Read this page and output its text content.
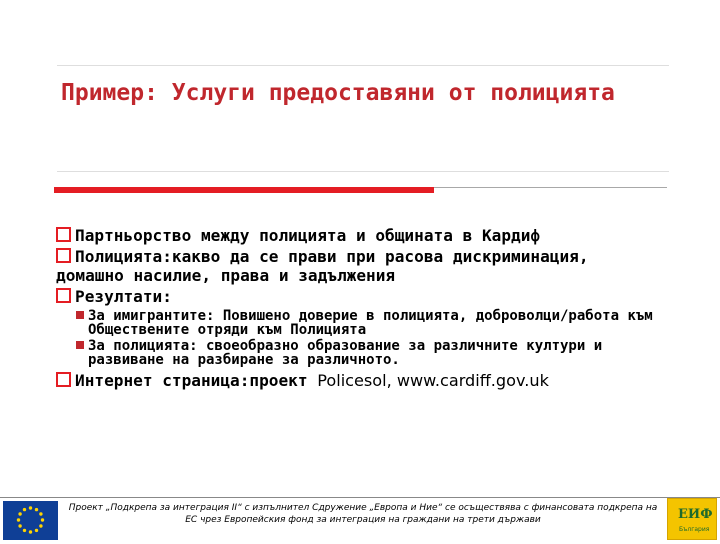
Пример: Услуги предоставяни от полицията
Партньорство между полицията и общината в Кардиф
Полицията:какво да се прави при расова дискриминация, домашно насилие, права и задължения
Резултати:
За имигрантите: Повишено доверие в полицията, доброволци/работа към Обществените отряди към Полицията
За полицията: своеобразно образование за различните култури и развиване на разбиране за различното.
Интернет страница:проект Policesol, www.cardiff.gov.uk
Проект „Подкрепа за интеграция II“ с изпълнител Сдружение „Европа и Ние“ се осъществява с финансовата подкрепа на ЕС чрез Европейския фонд за интеграция на граждани на трети държави	ЕИФ
България
